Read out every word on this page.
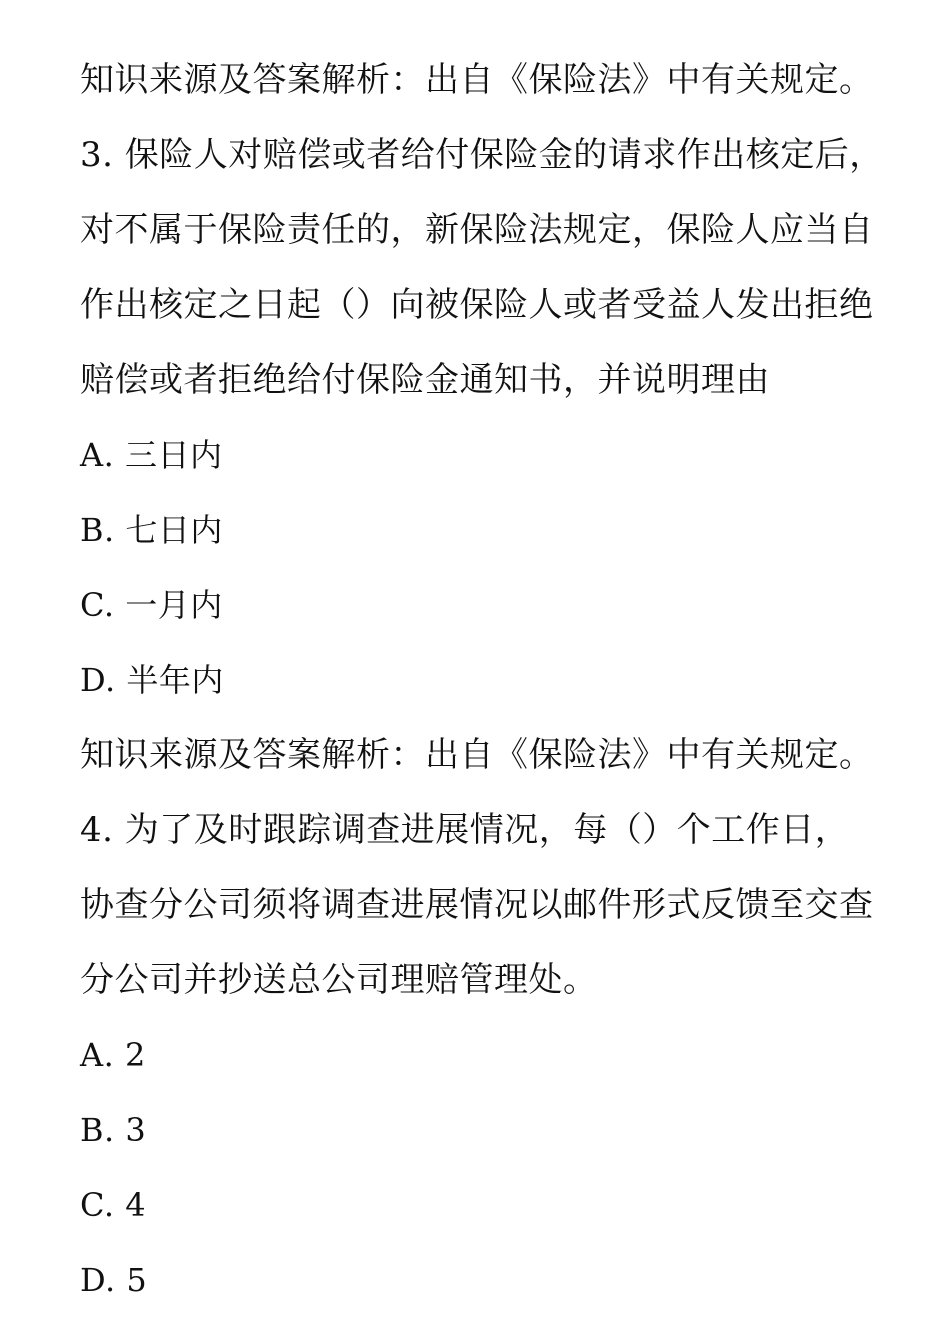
知识来源及答案解析：出自《保险法》中有关规定。
3. 保险人对赔偿或者给付保险金的请求作出核定后，
对不属于保险责任的，新保险法规定，保险人应当自
作出核定之日起（）向被保险人或者受益人发出拒绝
赔偿或者拒绝给付保险金通知书，并说明理由
A. 三日内
B. 七日内
C. 一月内
D. 半年内
知识来源及答案解析：出自《保险法》中有关规定。
4. 为了及时跟踪调查进展情况，每（）个工作日，
协查分公司须将调查进展情况以邮件形式反馈至交查
分公司并抄送总公司理赔管理处。
A. 2
B. 3
C. 4
D. 5
